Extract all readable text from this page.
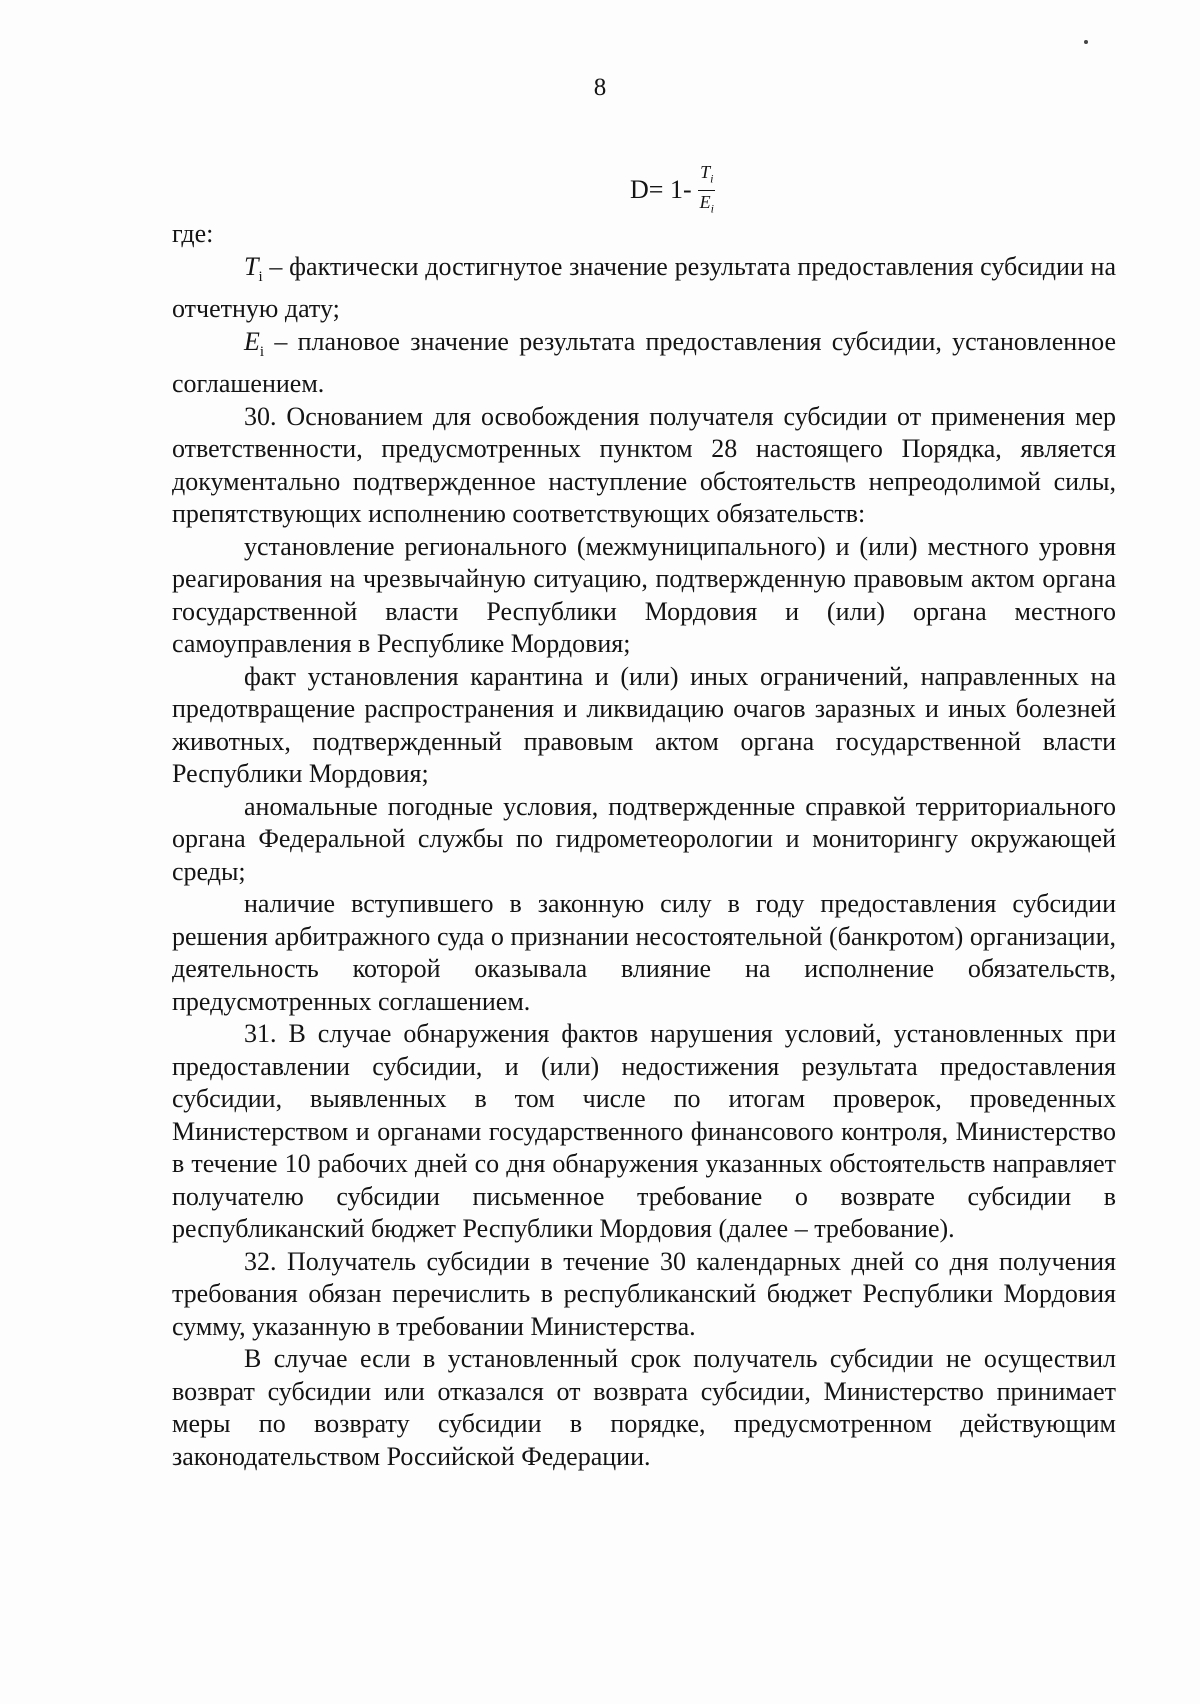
8
$D= 1- \frac{T_i}{E_i}$

где:

$T_i$ – фактически достигнутое значение результата предоставления субсидии на отчетную дату;

$E_i$ – плановое значение результата предоставления субсидии, установленное соглашением.

30. Основанием для освобождения получателя субсидии от применения мер ответственности, предусмотренных пунктом 28 настоящего Порядка, является документально подтвержденное наступление обстоятельств непреодолимой силы, препятствующих исполнению соответствующих обязательств:

установление регионального (межмуниципального) и (или) местного уровня реагирования на чрезвычайную ситуацию, подтвержденную правовым актом органа государственной власти Республики Мордовия и (или) органа местного самоуправления в Республике Мордовия;

факт установления карантина и (или) иных ограничений, направленных на предотвращение распространения и ликвидацию очагов заразных и иных болезней животных, подтвержденный правовым актом органа государственной власти Республики Мордовия;

аномальные погодные условия, подтвержденные справкой территориального органа Федеральной службы по гидрометеорологии и мониторингу окружающей среды;

наличие вступившего в законную силу в году предоставления субсидии решения арбитражного суда о признании несостоятельной (банкротом) организации, деятельность которой оказывала влияние на исполнение обязательств, предусмотренных соглашением.

31. В случае обнаружения фактов нарушения условий, установленных при предоставлении субсидии, и (или) недостижения результата предоставления субсидии, выявленных в том числе по итогам проверок, проведенных Министерством и органами государственного финансового контроля, Министерство в течение 10 рабочих дней со дня обнаружения указанных обстоятельств направляет получателю субсидии письменное требование о возврате субсидии в республиканский бюджет Республики Мордовия (далее – требование).

32. Получатель субсидии в течение 30 календарных дней со дня получения требования обязан перечислить в республиканский бюджет Республики Мордовия сумму, указанную в требовании Министерства.

В случае если в установленный срок получатель субсидии не осуществил возврат субсидии или отказался от возврата субсидии, Министерство принимает меры по возврату субсидии в порядке, предусмотренном действующим законодательством Российской Федерации.
